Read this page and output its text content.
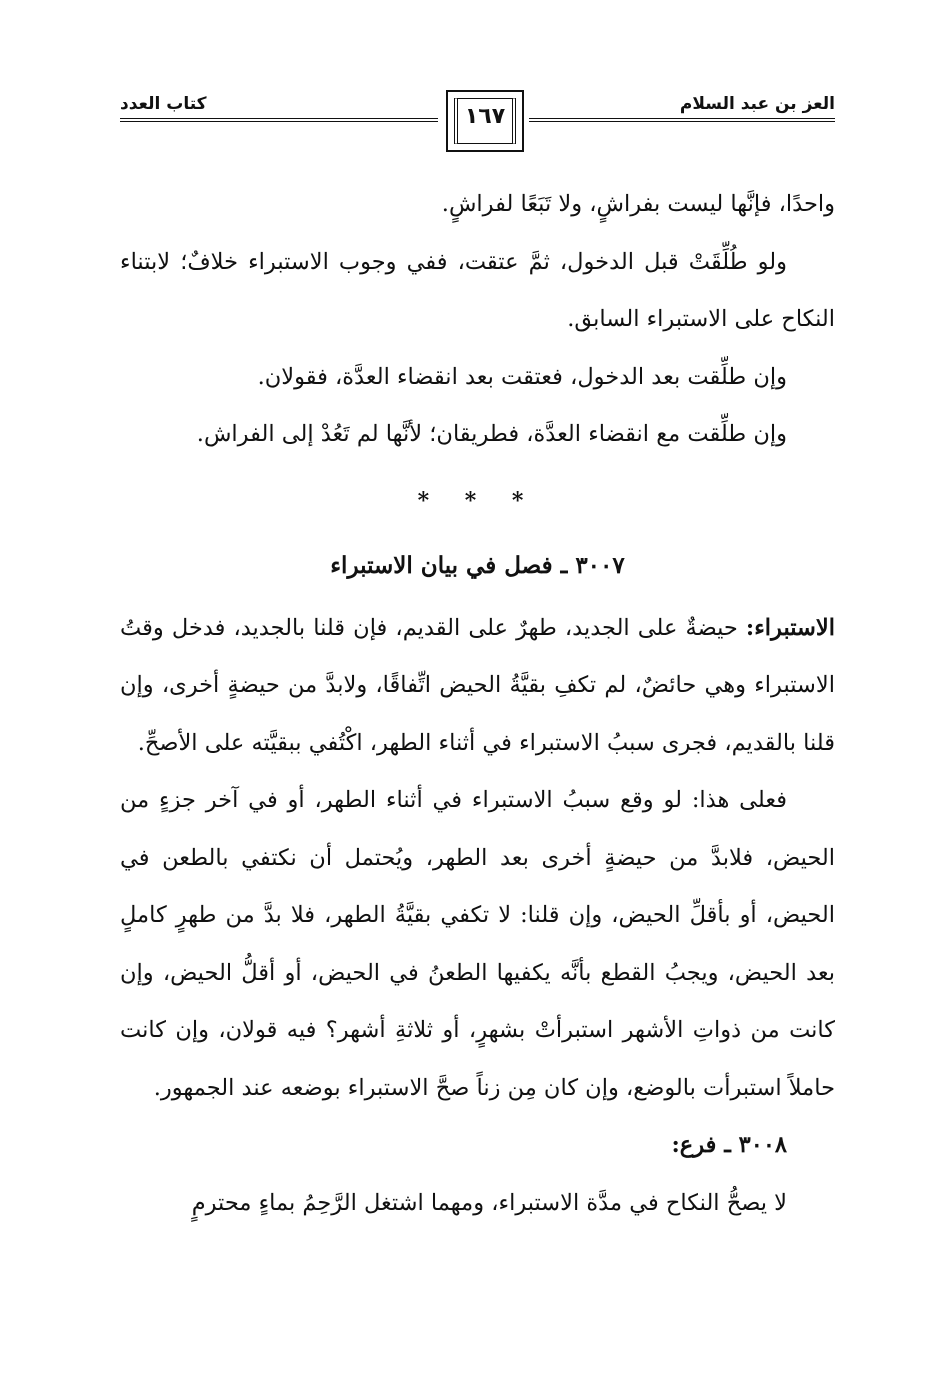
العز بن عبد السلام
كتاب العدد	١٦٧

واحدًا، فإنَّها ليست بفراشٍ، ولا تَبَعًا لفراشٍ.

ولو طُلِّقَتْ قبل الدخول، ثمَّ عتقت، ففي وجوب الاستبراء خلافٌ؛ لابتناء النكاح على الاستبراء السابق.

وإن طلِّقت بعد الدخول، فعتقت بعد انقضاء العدَّة، فقولان.

وإن طلِّقت مع انقضاء العدَّة، فطريقان؛ لأنَّها لم تَعُدْ إلى الفراش.

* * *
٣٠٠٧ ـ فصل في بيان الاستبراء

الاستبراء: حيضةٌ على الجديد، طهرٌ على القديم، فإن قلنا بالجديد، فدخل وقتُ الاستبراء وهي حائضٌ، لم تكفِ بقيَّةُ الحيض اتِّفاقًا، ولابدَّ من حيضةٍ أخرى، وإن قلنا بالقديم، فجرى سببُ الاستبراء في أثناء الطهر، اكْتُفي ببقيَّته على الأصحِّ.

فعلى هذا: لو وقع سببُ الاستبراء في أثناء الطهر، أو في آخر جزءٍ من الحيض، فلابدَّ من حيضةٍ أخرى بعد الطهر، ويُحتمل أن نكتفي بالطعن في الحيض، أو بأقلِّ الحيض، وإن قلنا: لا تكفي بقيَّةُ الطهر، فلا بدَّ من طهرٍ كاملٍ بعد الحيض، ويجبُ القطع بأنَّه يكفيها الطعنُ في الحيض، أو أقلُّ الحيض، وإن كانت من ذواتِ الأشهر استبرأتْ بشهرٍ، أو ثلاثةِ أشهر؟ فيه قولان، وإن كانت حاملاً استبرأت بالوضع، وإن كان مِن زناً صحَّ الاستبراء بوضعه عند الجمهور.

٣٠٠٨ ـ فرع:

لا يصحُّ النكاح في مدَّة الاستبراء، ومهما اشتغل الرَّحِمُ بماءٍ محترمٍ
